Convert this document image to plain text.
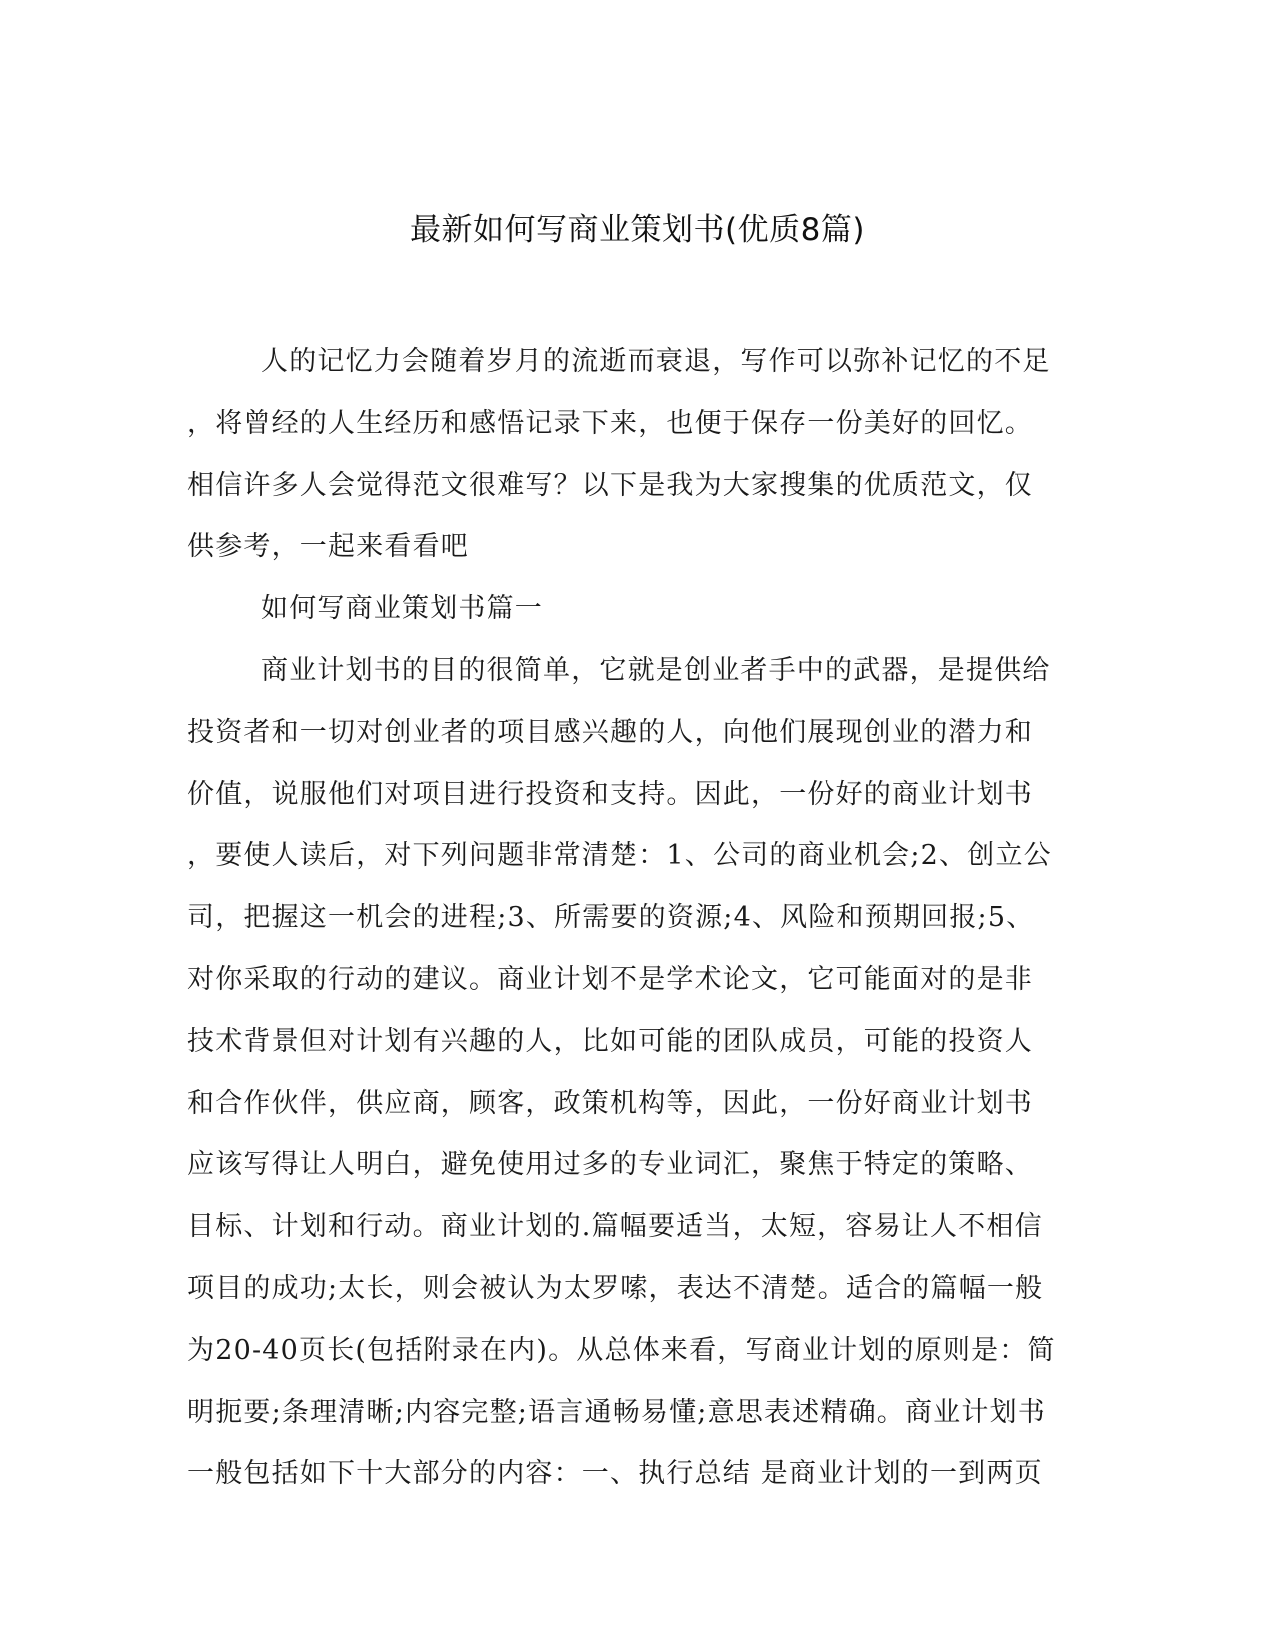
最新如何写商业策划书(优质8篇)
人的记忆力会随着岁月的流逝而衰退，写作可以弥补记忆的不足
，将曾经的人生经历和感悟记录下来，也便于保存一份美好的回忆。
相信许多人会觉得范文很难写？以下是我为大家搜集的优质范文，仅
供参考，一起来看看吧
如何写商业策划书篇一
商业计划书的目的很简单，它就是创业者手中的武器，是提供给
投资者和一切对创业者的项目感兴趣的人，向他们展现创业的潜力和
价值，说服他们对项目进行投资和支持。因此，一份好的商业计划书
，要使人读后，对下列问题非常清楚：1、公司的商业机会;2、创立公
司，把握这一机会的进程;3、所需要的资源;4、风险和预期回报;5、
对你采取的行动的建议。商业计划不是学术论文，它可能面对的是非
技术背景但对计划有兴趣的人，比如可能的团队成员，可能的投资人
和合作伙伴，供应商，顾客，政策机构等，因此，一份好商业计划书
应该写得让人明白，避免使用过多的专业词汇，聚焦于特定的策略、
目标、计划和行动。商业计划的.篇幅要适当，太短，容易让人不相信
项目的成功;太长，则会被认为太罗嗦，表达不清楚。适合的篇幅一般
为20-40页长(包括附录在内)。从总体来看，写商业计划的原则是：简
明扼要;条理清晰;内容完整;语言通畅易懂;意思表述精确。商业计划书
一般包括如下十大部分的内容：一、执行总结 是商业计划的一到两页
